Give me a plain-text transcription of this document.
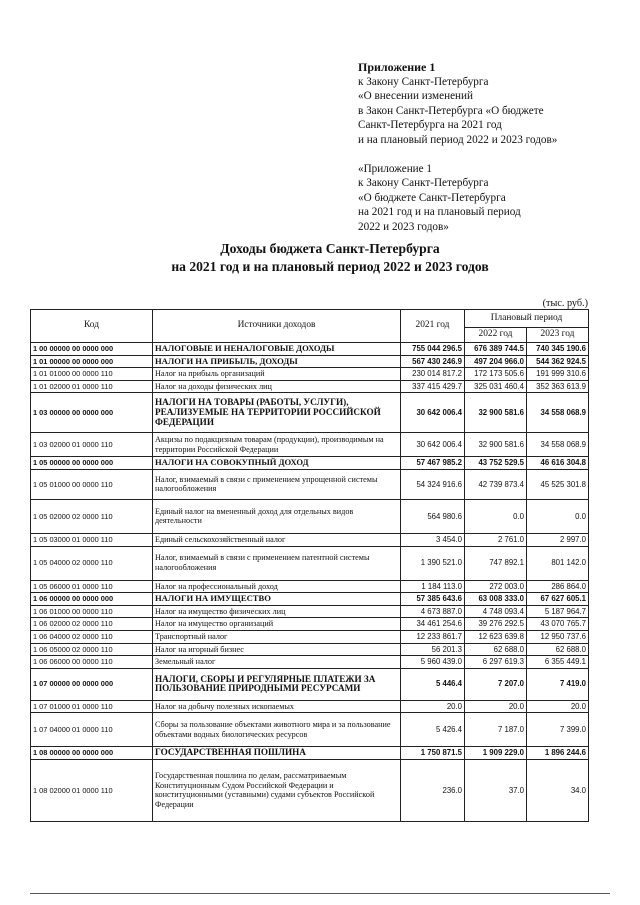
Приложение 1
к Закону Санкт-Петербурга
«О внесении изменений
в Закон Санкт-Петербурга «О бюджете
Санкт-Петербурга на 2021 год
и на плановый период 2022 и 2023 годов»
«Приложение 1
к Закону Санкт-Петербурга
«О бюджете Санкт-Петербурга
на 2021 год и на плановый период
2022 и 2023 годов»
Доходы бюджета Санкт-Петербурга
на 2021 год и на плановый период 2022 и 2023 годов
(тыс. руб.)
Код	Источники доходов	2021 год	Плановый период	
			2022 год	2023 год
1 00 00000 00 0000 000	НАЛОГОВЫЕ И НЕНАЛОГОВЫЕ ДОХОДЫ	755 044 296.5	676 389 744.5	740 345 190.6
1 01 00000 00 0000 000	НАЛОГИ НА ПРИБЫЛЬ, ДОХОДЫ	567 430 246.9	497 204 966.0	544 362 924.5
1 01 01000 00 0000 110	Налог на прибыль организаций	230 014 817.2	172 173 505.6	191 999 310.6
1 01 02000 01 0000 110	Налог на доходы физических лиц	337 415 429.7	325 031 460.4	352 363 613.9
1 03 00000 00 0000 000	НАЛОГИ НА ТОВАРЫ (РАБОТЫ, УСЛУГИ), РЕАЛИЗУЕМЫЕ НА ТЕРРИТОРИИ РОССИЙСКОЙ ФЕДЕРАЦИИ	30 642 006.4	32 900 581.6	34 558 068.9
1 03 02000 01 0000 110	Акцизы по подакцизным товарам (продукции), производимым на территории Российской Федерации	30 642 006.4	32 900 581.6	34 558 068.9
1 05 00000 00 0000 000	НАЛОГИ НА СОВОКУПНЫЙ ДОХОД	57 467 985.2	43 752 529.5	46 616 304.8
1 05 01000 00 0000 110	Налог, взимаемый в связи с применением упрощенной системы налогообложения	54 324 916.6	42 739 873.4	45 525 301.8
1 05 02000 02 0000 110	Единый налог на вмененный доход для отдельных видов деятельности	564 980.6	0.0	0.0
1 05 03000 01 0000 110	Единый сельскохозяйственный налог	3 454.0	2 761.0	2 997.0
1 05 04000 02 0000 110	Налог, взимаемый в связи с применением патентной системы налогообложения	1 390 521.0	747 892.1	801 142.0
1 05 06000 01 0000 110	Налог на профессиональный доход	1 184 113.0	272 003.0	286 864.0
1 06 00000 00 0000 000	НАЛОГИ НА ИМУЩЕСТВО	57 385 643.6	63 008 333.0	67 627 605.1
1 06 01000 00 0000 110	Налог на имущество физических лиц	4 673 887.0	4 748 093.4	5 187 964.7
1 06 02000 02 0000 110	Налог на имущество организаций	34 461 254.6	39 276 292.5	43 070 765.7
1 06 04000 02 0000 110	Транспортный налог	12 233 861.7	12 623 639.8	12 950 737.6
1 06 05000 02 0000 110	Налог на игорный бизнес	56 201.3	62 688.0	62 688.0
1 06 06000 00 0000 110	Земельный налог	5 960 439.0	6 297 619.3	6 355 449.1
1 07 00000 00 0000 000	НАЛОГИ, СБОРЫ И РЕГУЛЯРНЫЕ ПЛАТЕЖИ ЗА ПОЛЬЗОВАНИЕ ПРИРОДНЫМИ РЕСУРСАМИ	5 446.4	7 207.0	7 419.0
1 07 01000 01 0000 110	Налог на добычу полезных ископаемых	20.0	20.0	20.0
1 07 04000 01 0000 110	Сборы за пользование объектами животного мира и за пользование объектами водных биологических ресурсов	5 426.4	7 187.0	7 399.0
1 08 00000 00 0000 000	ГОСУДАРСТВЕННАЯ ПОШЛИНА	1 750 871.5	1 909 229.0	1 896 244.6
1 08 02000 01 0000 110	Государственная пошлина по делам, рассматриваемым Конституционным Судом Российской Федерации и конституционными (уставными) судами субъектов Российской Федерации	236.0	37.0	34.0
